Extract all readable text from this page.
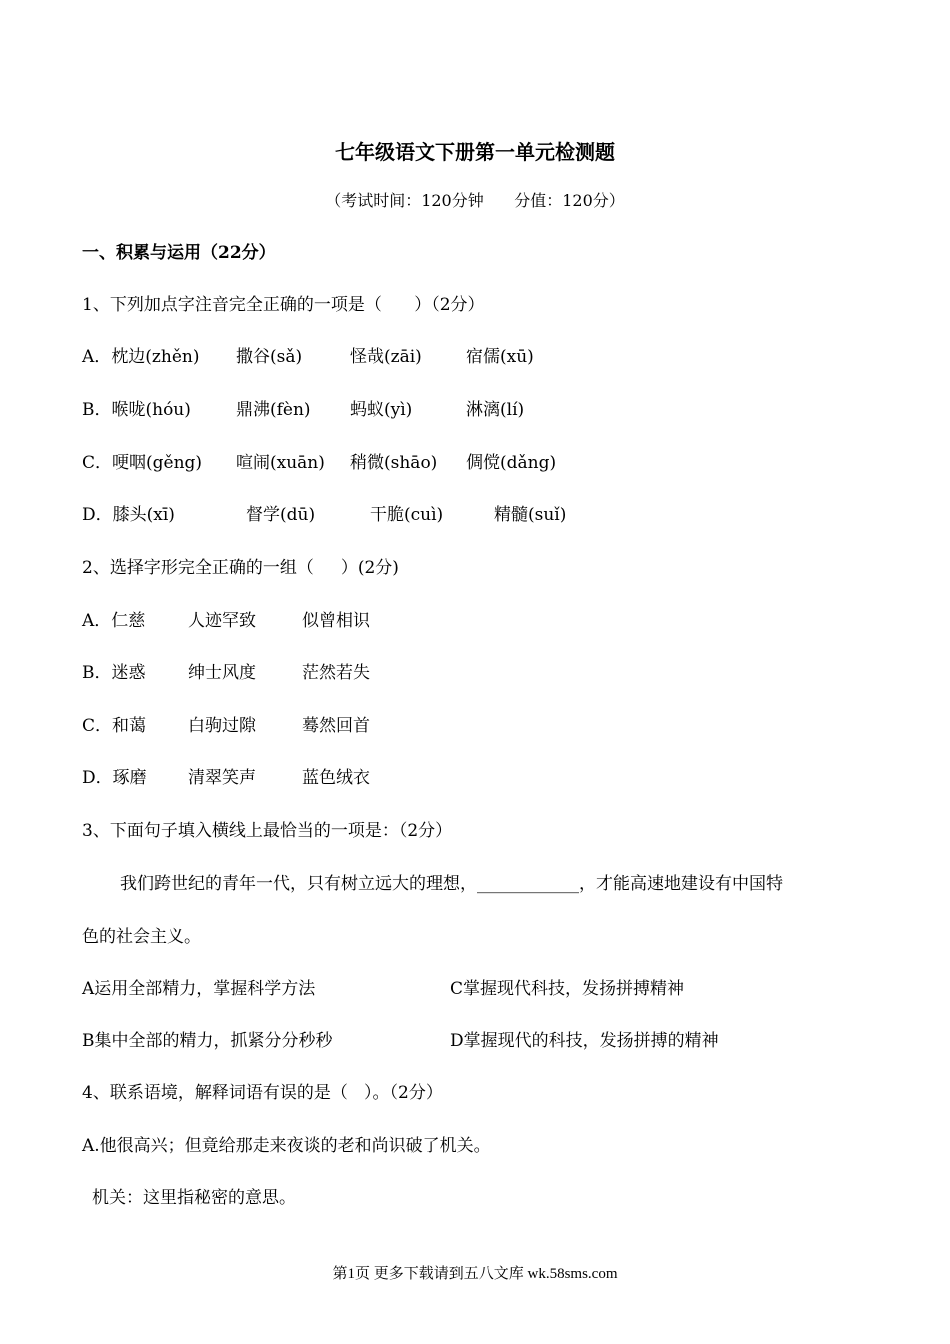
七年级语文下册第一单元检测题
（考试时间：120分钟      分值：120分）
一、积累与运用（22分）
1、下列加点字注音完全正确的一项是（      ）（2分）
A．枕边(zhěn) 撒谷(sǎ)	怪哉(zāi)	宿儒(xū)
B．喉咙(hóu)	鼎沸(fèn) 蚂蚁(yì)	淋漓(lí)
C．哽咽(gěng) 喧闹(xuān) 稍微(shāo) 倜傥(dǎng)
D．膝头(xī)	督学(dū)	干脆(cuì)	精髓(suǐ)
2、选择字形完全正确的一组（     ）(2分)
A．仁慈	人迹罕致	似曾相识
B．迷惑	绅士风度	茫然若失
C．和蔼 白驹过隙	蓦然回首
D．琢磨 清翠笑声	蓝色绒衣
3、下面句子填入横线上最恰当的一项是：（2分）
我们跨世纪的青年一代，只有树立远大的理想，____________，才能高速地建设有中国特
色的社会主义。
A运用全部精力，掌握科学方法	C掌握现代科技，发扬拼搏精神
B集中全部的精力，抓紧分分秒秒	D掌握现代的科技，发扬拼搏的精神
4、联系语境，解释词语有误的是（   ）。（2分）
A.他很高兴；但竟给那走来夜谈的老和尚识破了机关。
机关：这里指秘密的意思。
第1页 更多下载请到五八文库 wk.58sms.com
